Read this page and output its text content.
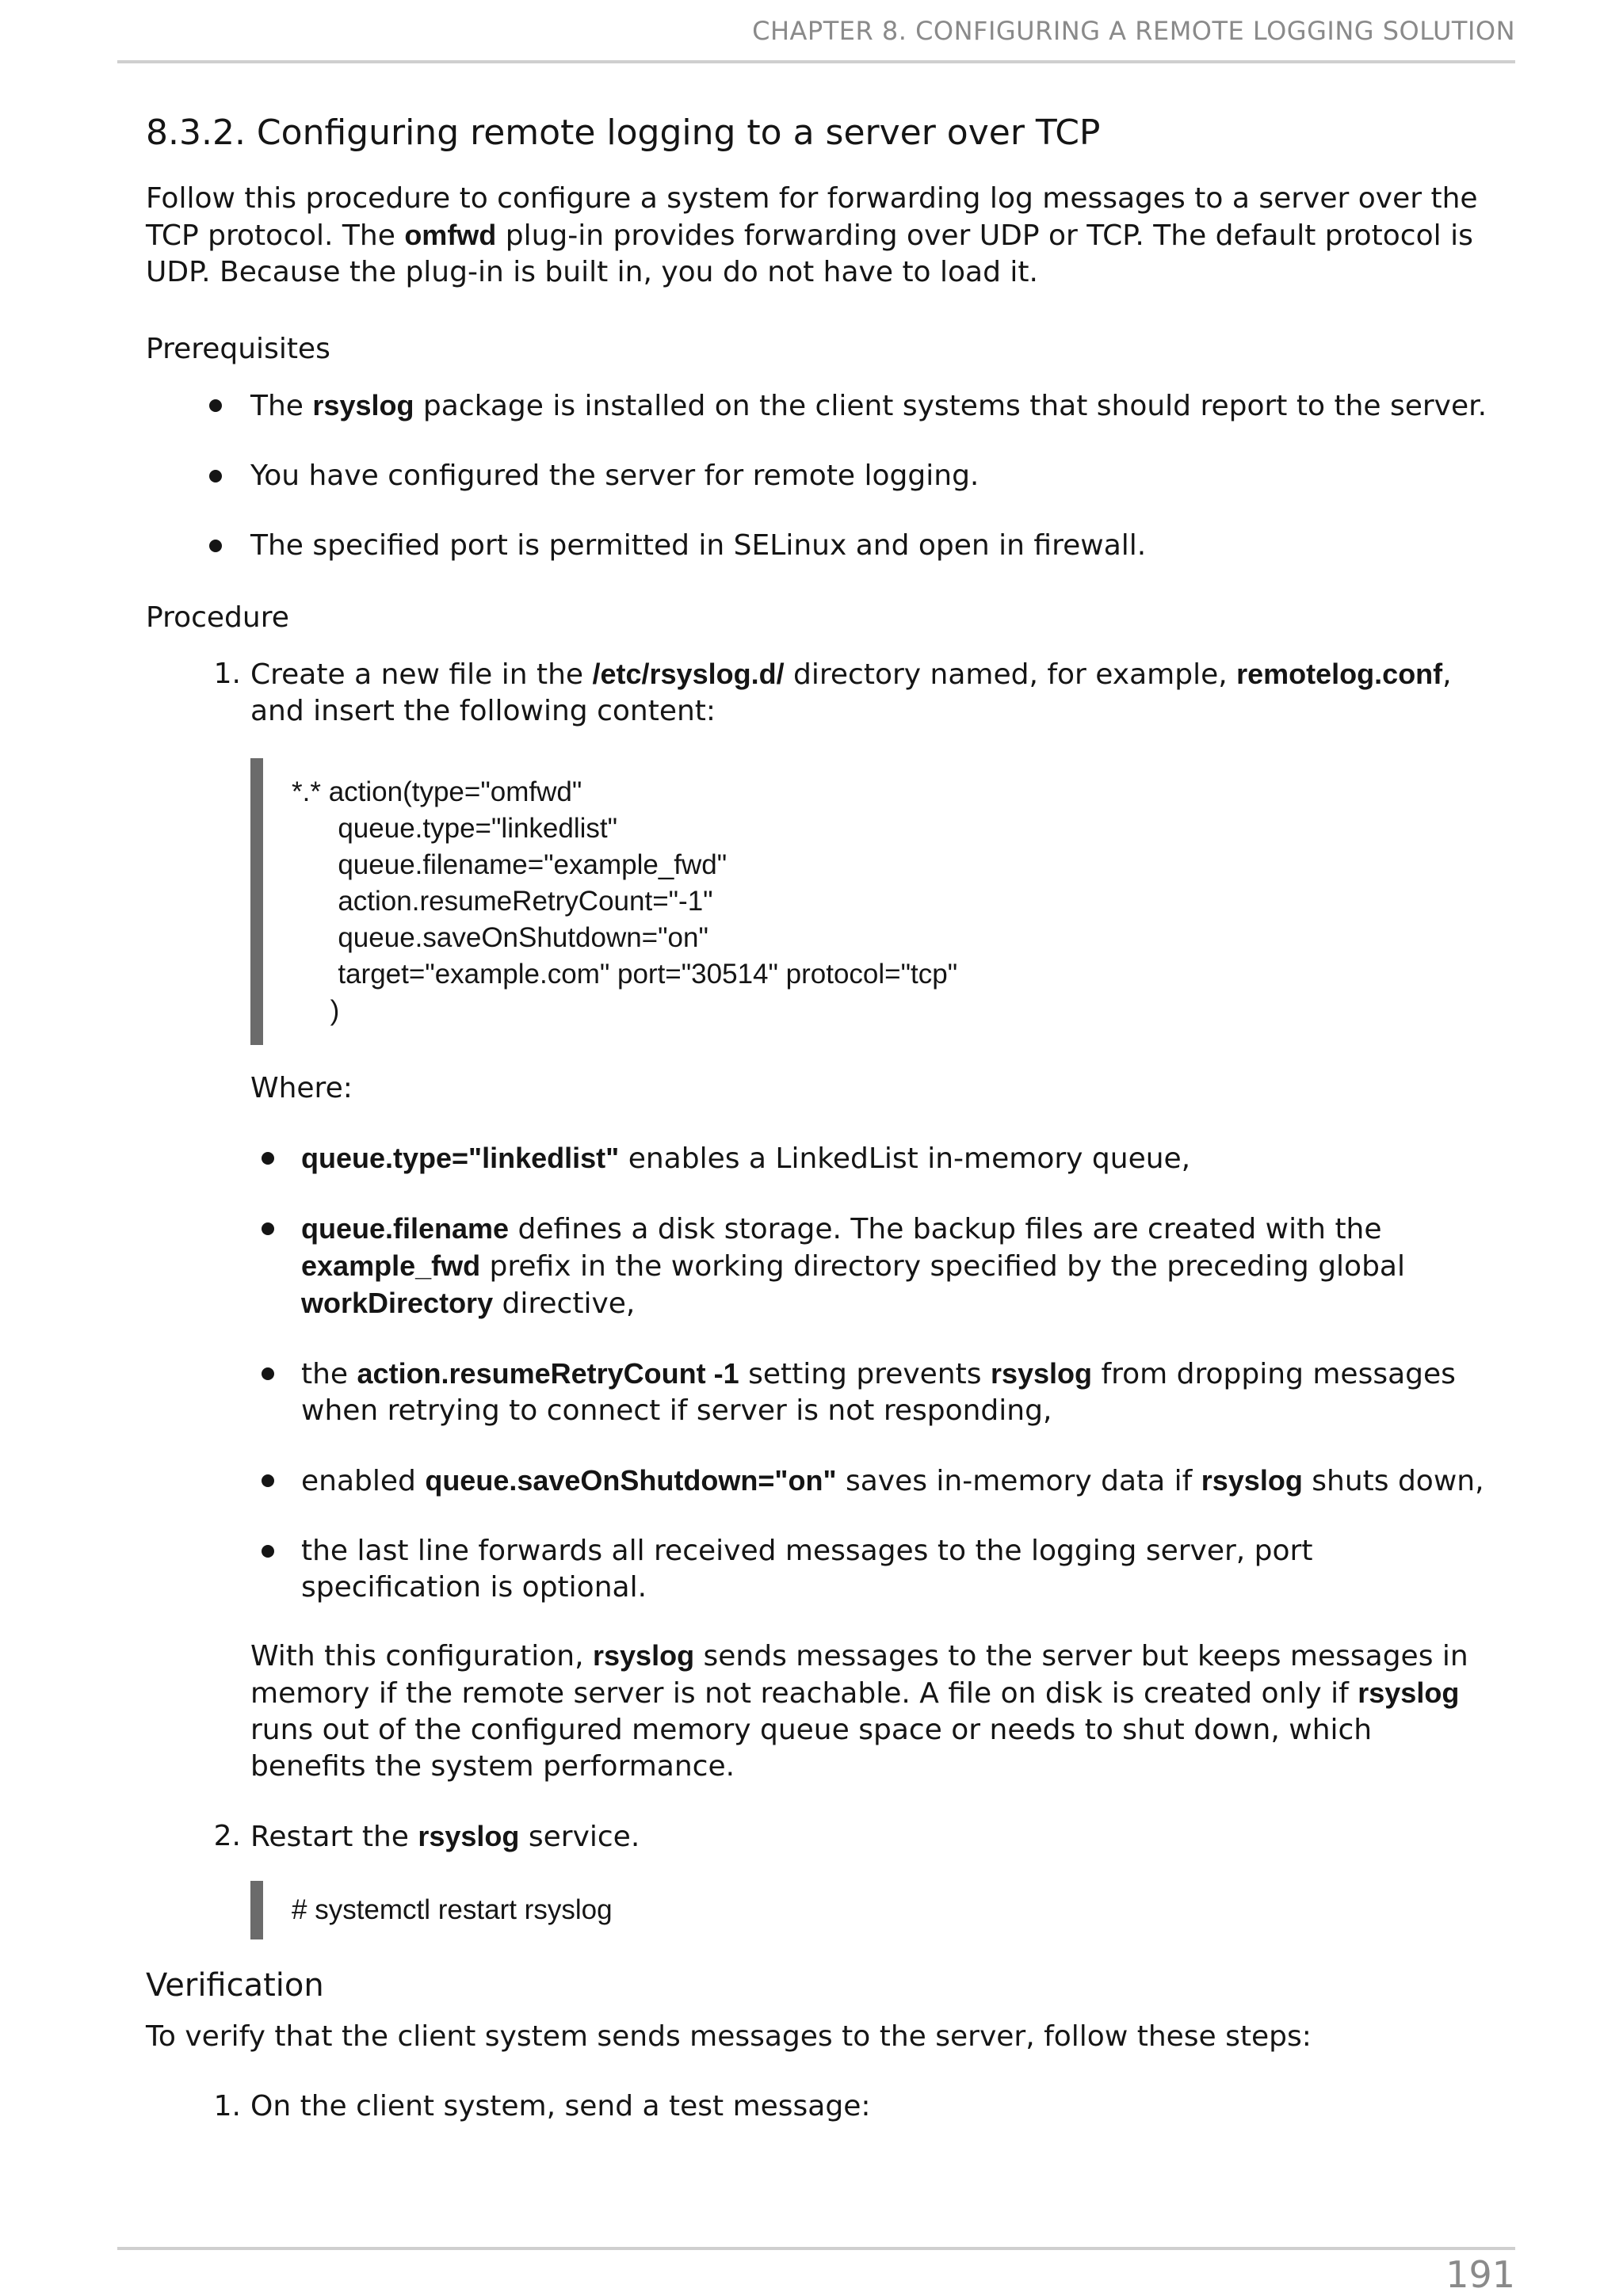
CHAPTER 8. CONFIGURING A REMOTE LOGGING SOLUTION
8.3.2. Configuring remote logging to a server over TCP

Follow this procedure to configure a system for forwarding log messages to a server over the TCP protocol. The omfwd plug-in provides forwarding over UDP or TCP. The default protocol is UDP. Because the plug-in is built in, you do not have to load it.

Prerequisites
The rsyslog package is installed on the client systems that should report to the server.
You have configured the server for remote logging.
The specified port is permitted in SELinux and open in firewall.
Procedure
1. Create a new file in the /etc/rsyslog.d/ directory named, for example, remotelog.conf, and insert the following content:

*.* action(type="omfwd"
queue.type="linkedlist"
queue.filename="example_fwd"
action.resumeRetryCount="-1"
queue.saveOnShutdown="on"
target="example.com" port="30514" protocol="tcp"
)

Where:

queue.type="linkedlist" enables a LinkedList in-memory queue,
queue.filename defines a disk storage. The backup files are created with the example_fwd prefix in the working directory specified by the preceding global workDirectory directive,
the action.resumeRetryCount -1 setting prevents rsyslog from dropping messages when retrying to connect if server is not responding,
enabled queue.saveOnShutdown="on" saves in-memory data if rsyslog shuts down,
the last line forwards all received messages to the logging server, port specification is optional.

With this configuration, rsyslog sends messages to the server but keeps messages in memory if the remote server is not reachable. A file on disk is created only if rsyslog runs out of the configured memory queue space or needs to shut down, which benefits the system performance.

2. Restart the rsyslog service.

# systemctl restart rsyslog
Verification

To verify that the client system sends messages to the server, follow these steps:

1. On the client system, send a test message:

191
